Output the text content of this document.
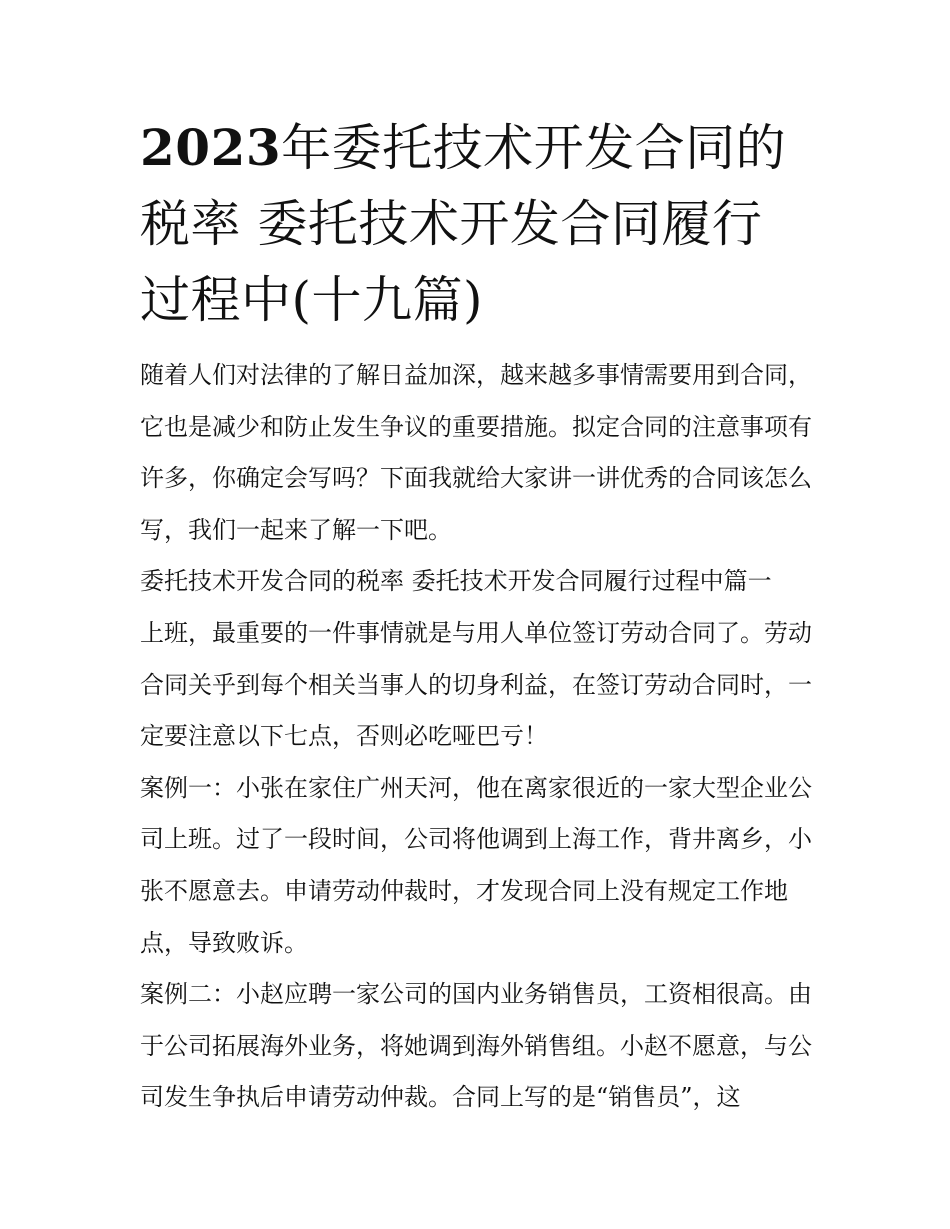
2023年委托技术开发合同的税率 委托技术开发合同履行过程中(十九篇)

随着人们对法律的了解日益加深，越来越多事情需要用到合同，它也是减少和防止发生争议的重要措施。拟定合同的注意事项有许多，你确定会写吗？下面我就给大家讲一讲优秀的合同该怎么写，我们一起来了解一下吧。

委托技术开发合同的税率 委托技术开发合同履行过程中篇一

上班，最重要的一件事情就是与用人单位签订劳动合同了。劳动合同关乎到每个相关当事人的切身利益，在签订劳动合同时，一定要注意以下七点，否则必吃哑巴亏！

案例一：小张在家住广州天河，他在离家很近的一家大型企业公司上班。过了一段时间，公司将他调到上海工作，背井离乡，小张不愿意去。申请劳动仲裁时，才发现合同上没有规定工作地点，导致败诉。

案例二：小赵应聘一家公司的国内业务销售员，工资相很高。由于公司拓展海外业务，将她调到海外销售组。小赵不愿意，与公司发生争执后申请劳动仲裁。合同上写的是“销售员”，这
